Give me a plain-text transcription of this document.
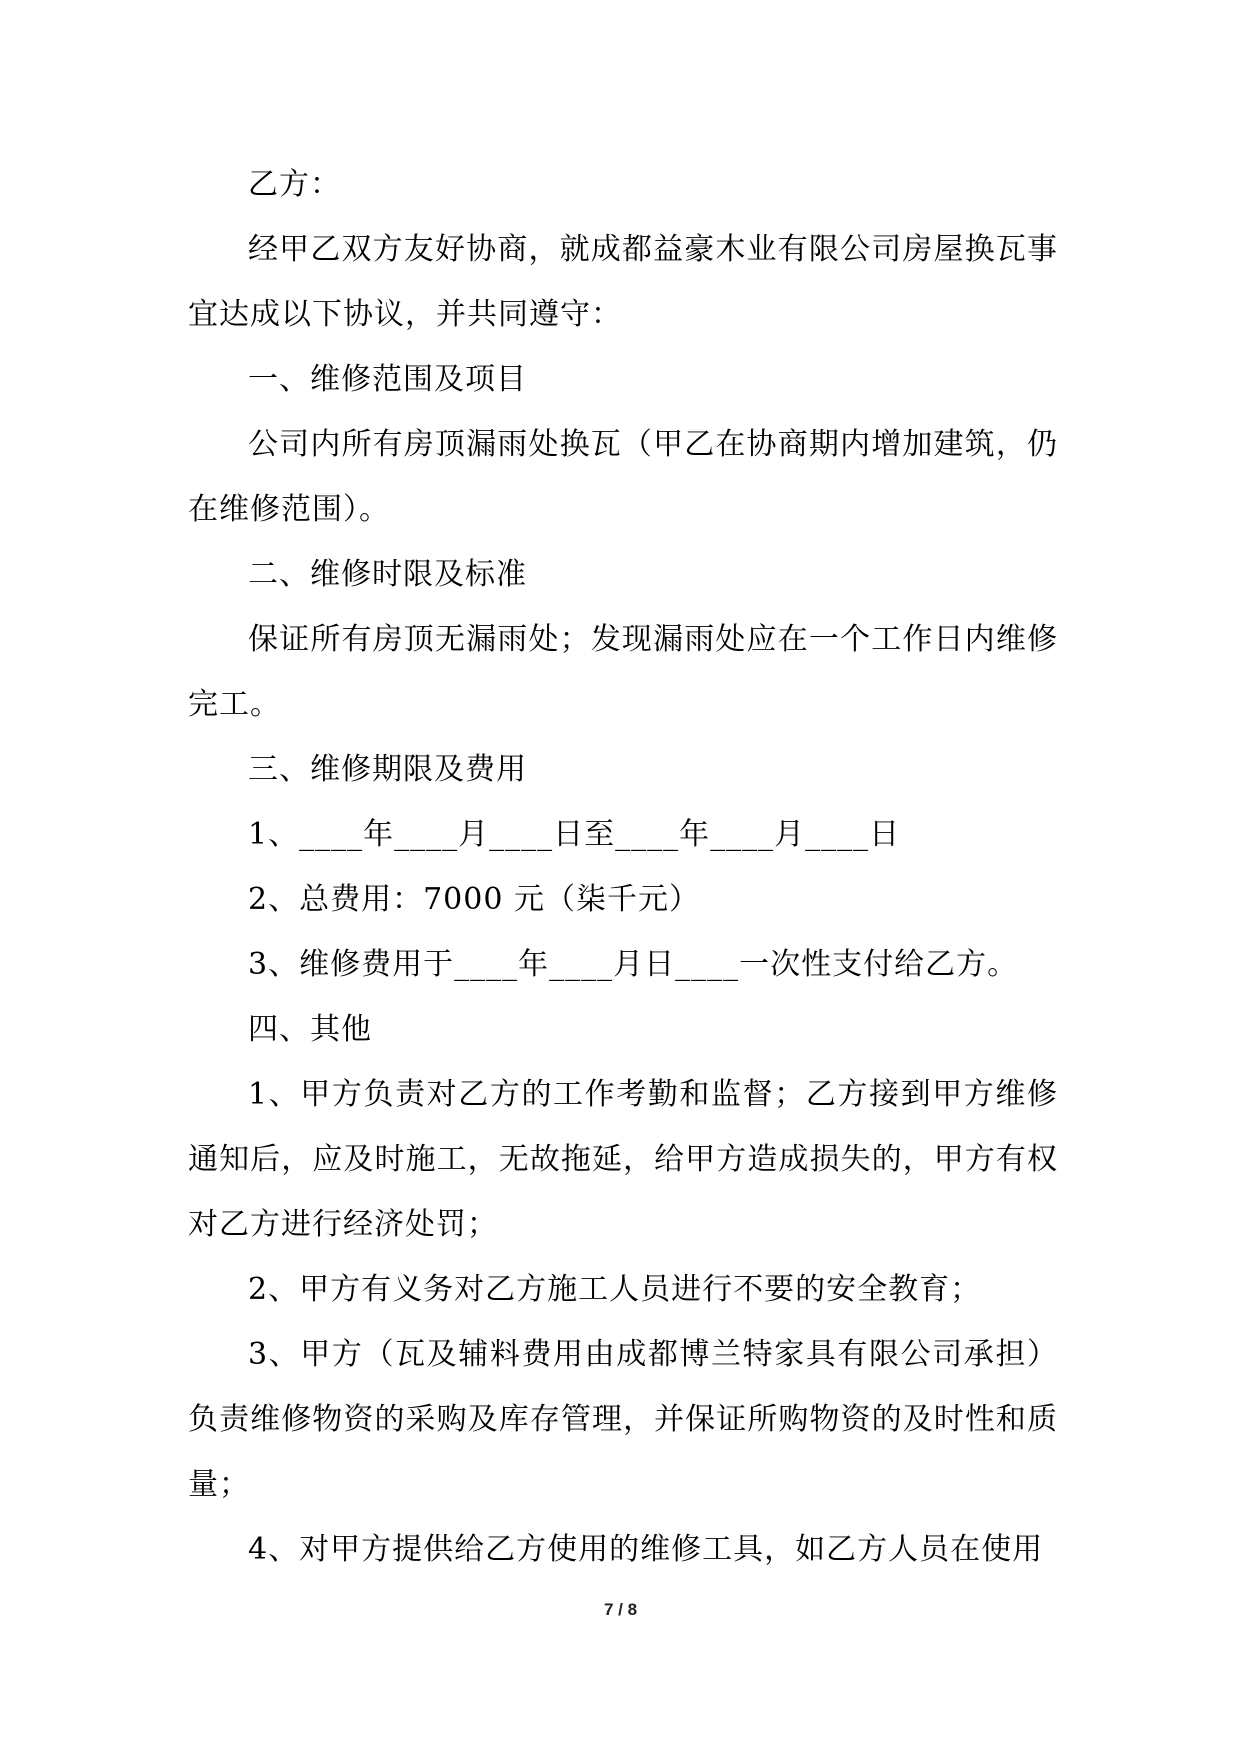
乙方：

经甲乙双方友好协商，就成都益豪木业有限公司房屋换瓦事宜达成以下协议，并共同遵守：

一、维修范围及项目

公司内所有房顶漏雨处换瓦（甲乙在协商期内增加建筑，仍在维修范围）。

二、维修时限及标准

保证所有房顶无漏雨处；发现漏雨处应在一个工作日内维修完工。

三、维修期限及费用

1、____年____月____日至____年____月____日

2、总费用：7000 元（柒千元）

3、维修费用于____年____月日____一次性支付给乙方。

四、其他

1、甲方负责对乙方的工作考勤和监督；乙方接到甲方维修通知后，应及时施工，无故拖延，给甲方造成损失的，甲方有权对乙方进行经济处罚；

2、甲方有义务对乙方施工人员进行不要的安全教育；

3、甲方（瓦及辅料费用由成都博兰特家具有限公司承担）负责维修物资的采购及库存管理，并保证所购物资的及时性和质量；

4、对甲方提供给乙方使用的维修工具，如乙方人员在使用

7 / 8
